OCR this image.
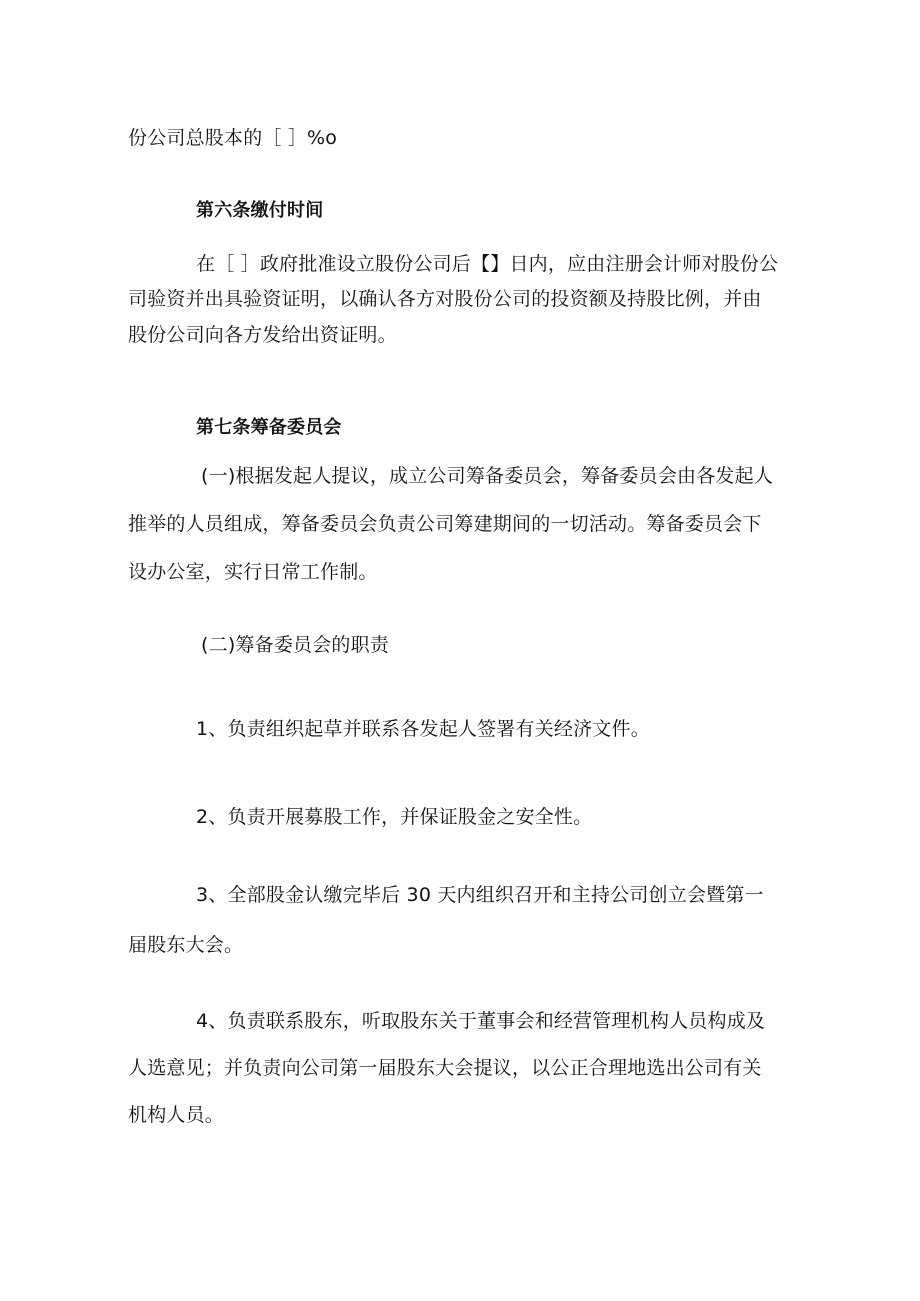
份公司总股本的［ ］%o
第六条缴付时间
在［ ］政府批准设立股份公司后【】日内，应由注册会计师对股份公
司验资并出具验资证明，以确认各方对股份公司的投资额及持股比例，并由
股份公司向各方发给出资证明。
第七条筹备委员会
(一)根据发起人提议，成立公司筹备委员会，筹备委员会由各发起人
推举的人员组成，筹备委员会负责公司筹建期间的一切活动。筹备委员会下
设办公室，实行日常工作制。
(二)筹备委员会的职责
1、负责组织起草并联系各发起人签署有关经济文件。
2、负责开展募股工作，并保证股金之安全性。
3、全部股金认缴完毕后 30 天内组织召开和主持公司创立会暨第一
届股东大会。
4、负责联系股东，听取股东关于董事会和经营管理机构人员构成及
人选意见；并负责向公司第一届股东大会提议，以公正合理地选出公司有关
机构人员。
